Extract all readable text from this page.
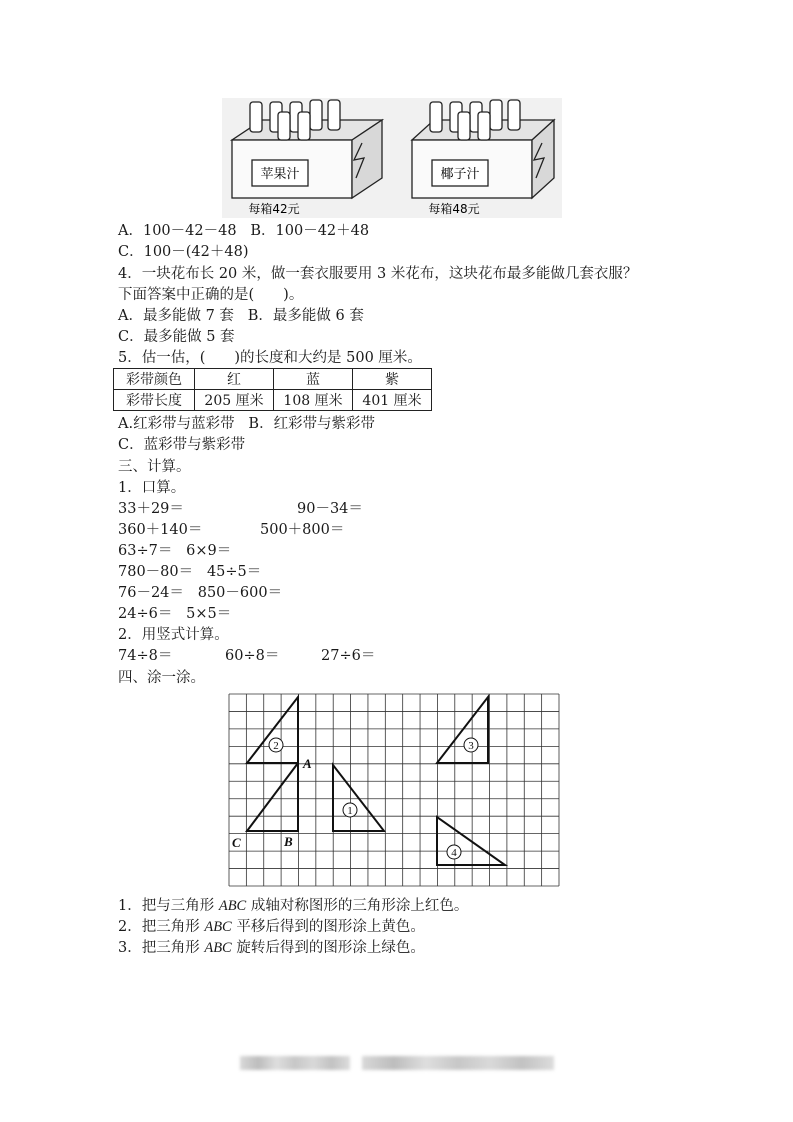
苹果汁	椰子汁
每箱42元	每箱48元
A．100－42－48   B．100－42＋48
C．100－(42＋48)
4．一块花布长 20 米，做一套衣服要用 3 米花布，这块花布最多能做几套衣服？
下面答案中正确的是(　　)。
A．最多能做 7 套   B．最多能做 6 套
C．最多能做 5 套
5．估一估，(　　)的长度和大约是 500 厘米。
彩带颜色	红	蓝	紫
彩带长度	205 厘米	108 厘米	401 厘米
A.红彩带与蓝彩带   B．红彩带与紫彩带
C．蓝彩带与紫彩带
三、计算。
1．口算。
33＋29＝	90－34＝
360＋140＝	500＋800＝
63÷7＝   6×9＝
780－80＝   45÷5＝
76－24＝   850－600＝
24÷6＝   5×5＝
2．用竖式计算。
74÷8＝	60÷8＝	27÷6＝
四、涂一涂。
2
1
3
4
A
B
C
1．把与三角形 ABC 成轴对称图形的三角形涂上红色。
2．把三角形 ABC 平移后得到的图形涂上黄色。
3．把三角形 ABC 旋转后得到的图形涂上绿色。
